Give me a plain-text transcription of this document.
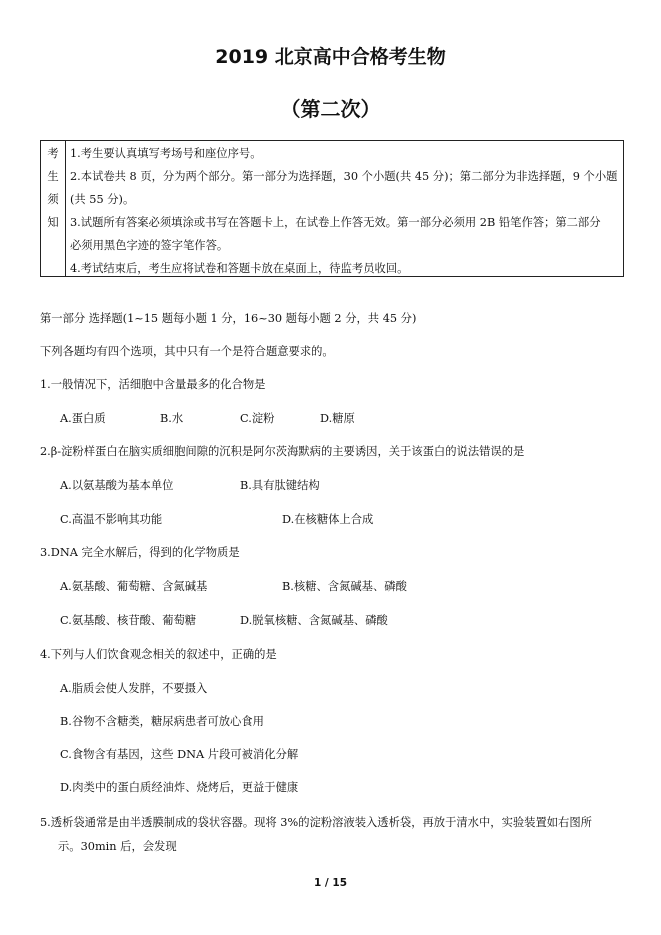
2019 北京高中合格考生物
（第二次）
考
生
须
知

1.考生要认真填写考场号和座位序号。

2.本试卷共 8 页，分为两个部分。第一部分为选择题，30 个小题(共 45 分)；第二部分为非选择题，9 个小题

(共 55 分)。

3.试题所有答案必须填涂或书写在答题卡上，在试卷上作答无效。第一部分必须用 2B 铅笔作答；第二部分

必须用黑色字迹的签字笔作答。

4.考试结束后，考生应将试卷和答题卡放在桌面上，待监考员收回。

第一部分 选择题(1~15 题每小题 1 分，16~30 题每小题 2 分，共 45 分)
下列各题均有四个选项，其中只有一个是符合题意要求的。
1.一般情况下，活细胞中含量最多的化合物是
A.蛋白质	B.水	C.淀粉	D.糖原
2.β-淀粉样蛋白在脑实质细胞间隙的沉积是阿尔茨海默病的主要诱因，关于该蛋白的说法错误的是
A.以氨基酸为基本单位	B.具有肽键结构
C.高温不影响其功能	D.在核糖体上合成
3.DNA 完全水解后，得到的化学物质是
A.氨基酸、葡萄糖、含氮碱基	B.核糖、含氮碱基、磷酸
C.氨基酸、核苷酸、葡萄糖	D.脱氧核糖、含氮碱基、磷酸
4.下列与人们饮食观念相关的叙述中，正确的是
A.脂质会使人发胖，不要摄入
B.谷物不含糖类，糖尿病患者可放心食用
C.食物含有基因，这些 DNA 片段可被消化分解
D.肉类中的蛋白质经油炸、烧烤后，更益于健康
5.透析袋通常是由半透膜制成的袋状容器。现将 3%的淀粉溶液装入透析袋，再放于清水中，实验装置如右图所
示。30min 后，会发现
1 / 15
